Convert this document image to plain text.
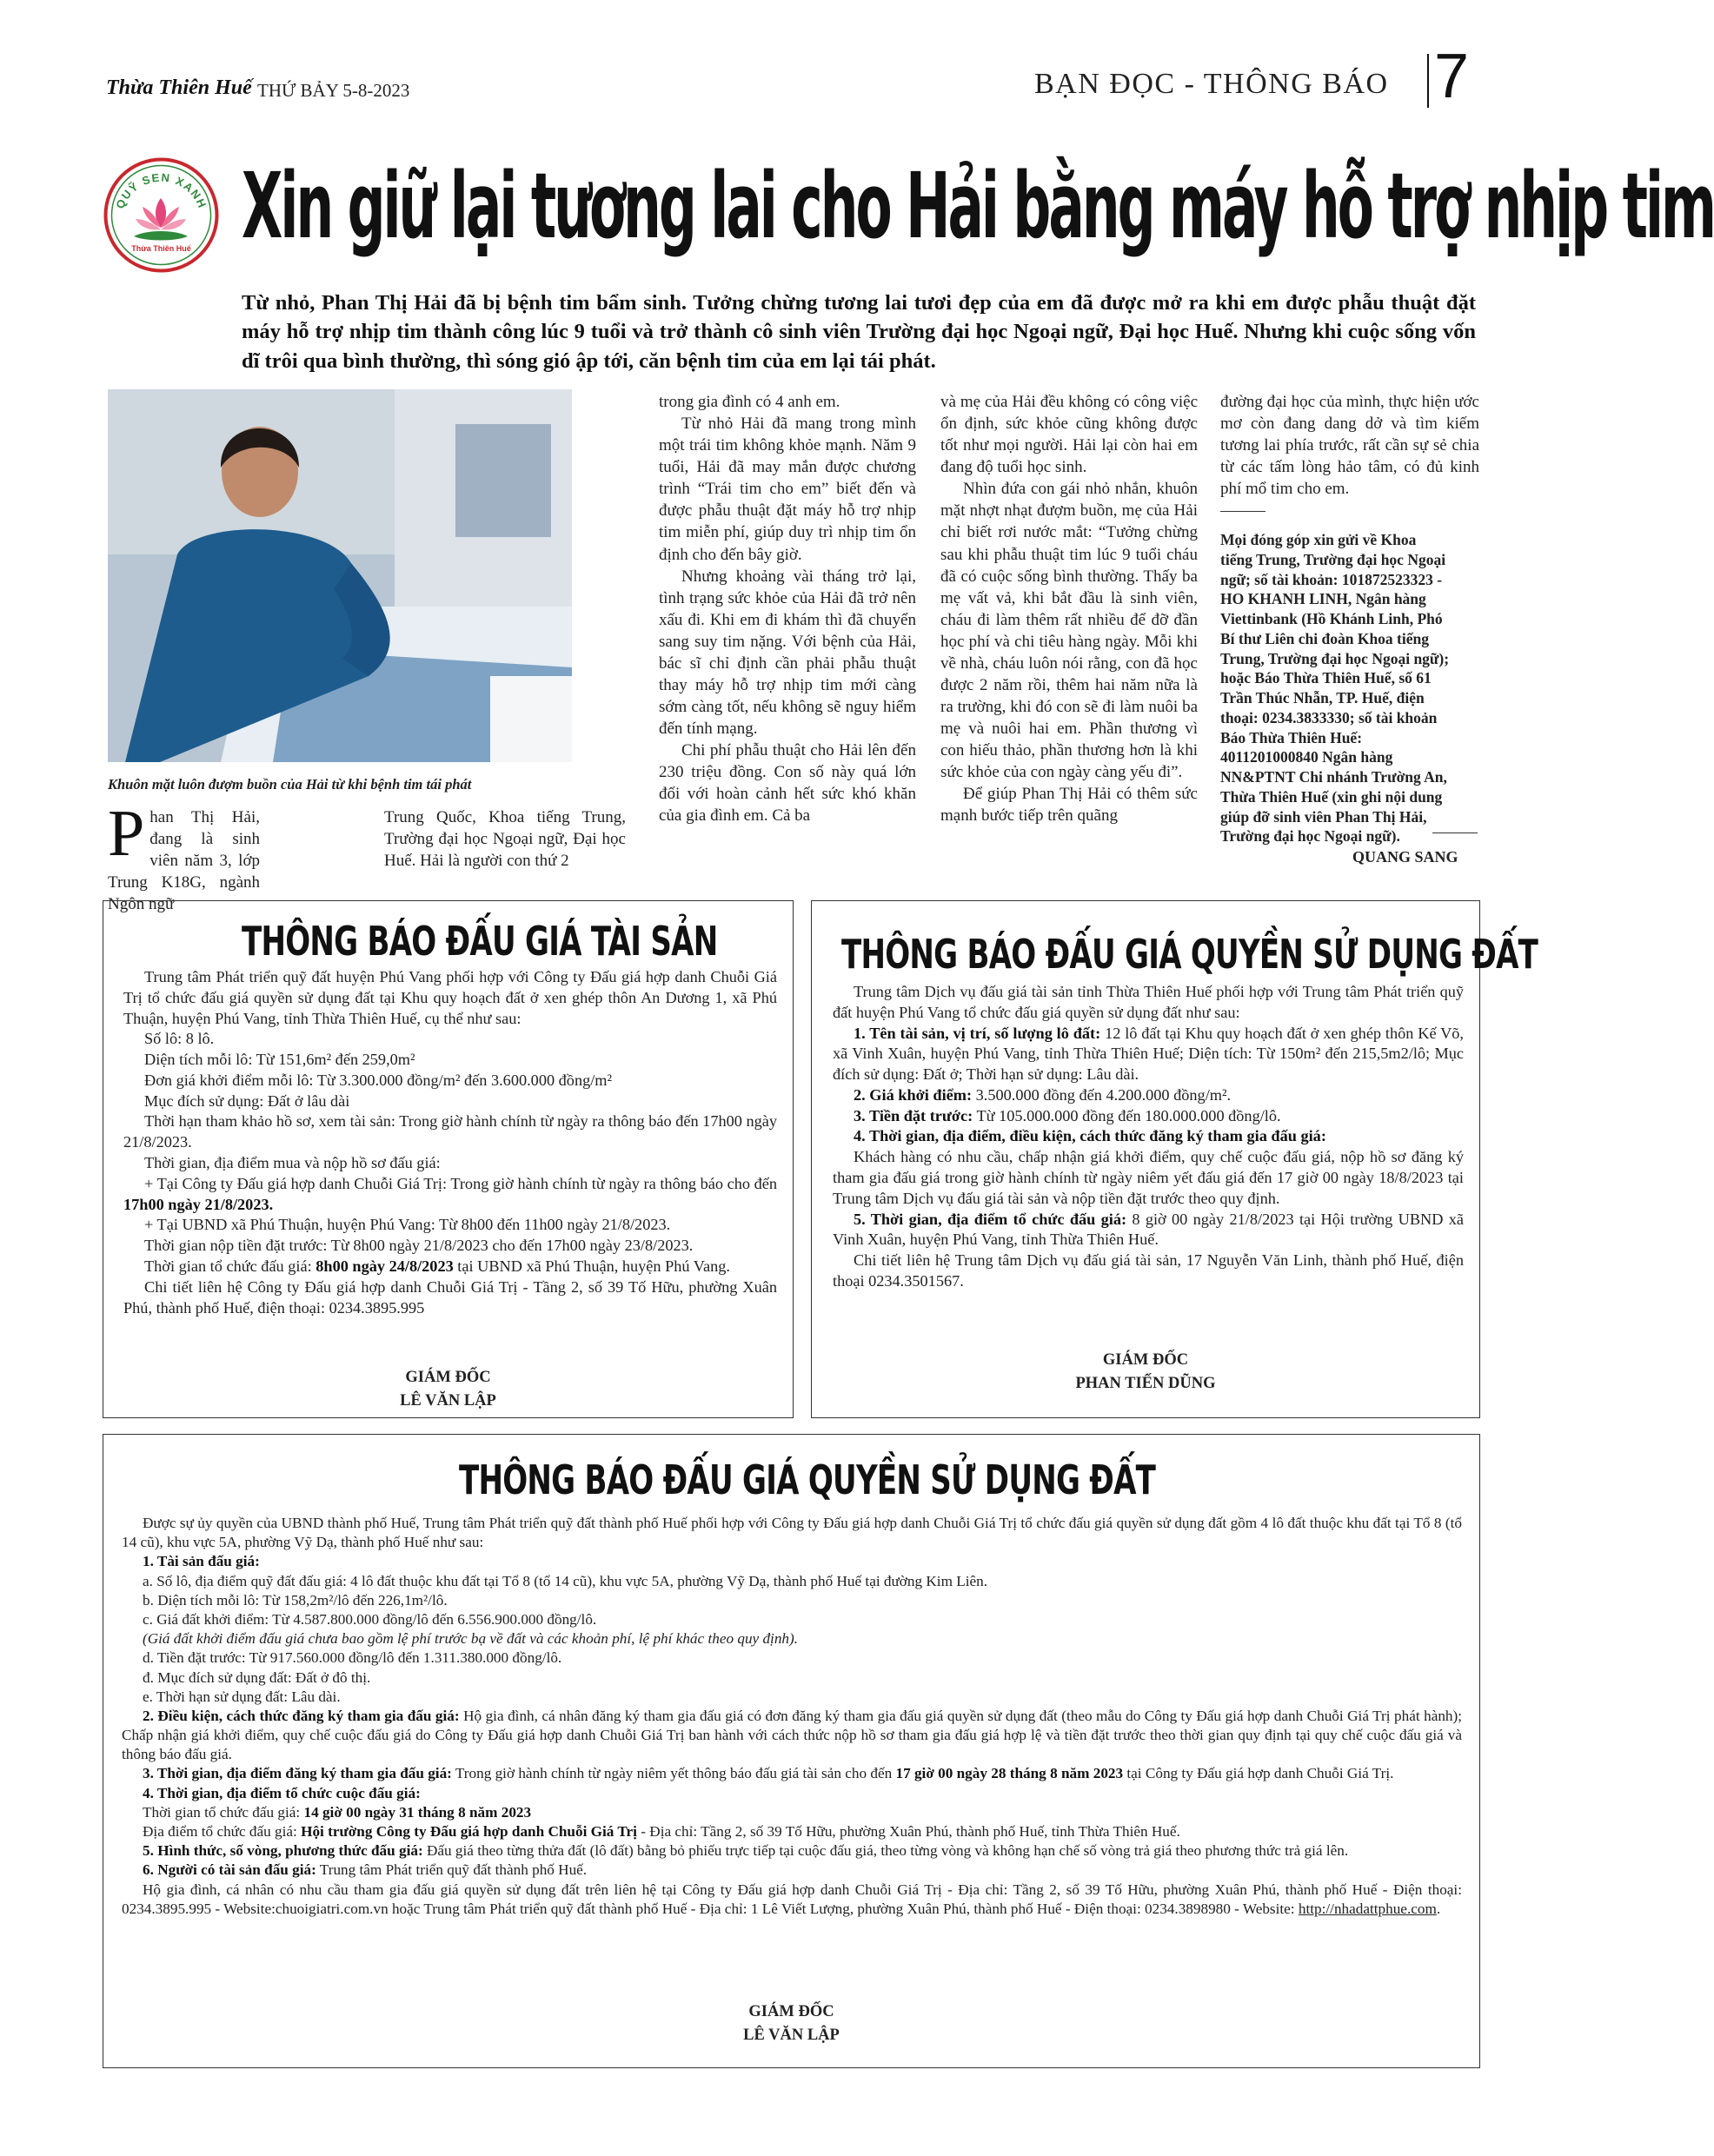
Thừa Thiên Huế THỨ BẢY 5-8-2023	BẠN ĐỌC - THÔNG BÁO 7
QUỸ SEN XANH
Thừa Thiên Huế Xin giữ lại tương lai cho Hải bằng máy hỗ trợ nhịp tim
Từ nhỏ, Phan Thị Hải đã bị bệnh tim bẩm sinh. Tưởng chừng tương lai tươi đẹp của em đã được mở ra khi em được phẫu thuật đặt máy hỗ trợ nhịp tim thành công lúc 9 tuổi và trở thành cô sinh viên Trường đại học Ngoại ngữ, Đại học Huế. Nhưng khi cuộc sống vốn dĩ trôi qua bình thường, thì sóng gió ập tới, căn bệnh tim của em lại tái phát.
Khuôn mặt luôn đượm buồn của Hải từ khi bệnh tim tái phát

Phan Thị Hải, đang là sinh viên năm 3, lớp Trung K18G, ngành Ngôn ngữ

Trung Quốc, Khoa tiếng Trung, Trường đại học Ngoại ngữ, Đại học Huế. Hải là người con thứ 2

trong gia đình có 4 anh em.

Từ nhỏ Hải đã mang trong mình một trái tim không khỏe mạnh. Năm 9 tuổi, Hải đã may mắn được chương trình “Trái tim cho em” biết đến và được phẫu thuật đặt máy hỗ trợ nhịp tim miễn phí, giúp duy trì nhịp tim ổn định cho đến bây giờ.

Nhưng khoảng vài tháng trở lại, tình trạng sức khỏe của Hải đã trở nên xấu đi. Khi em đi khám thì đã chuyển sang suy tim nặng. Với bệnh của Hải, bác sĩ chỉ định cần phải phẫu thuật thay máy hỗ trợ nhịp tim mới càng sớm càng tốt, nếu không sẽ nguy hiểm đến tính mạng.

Chi phí phẫu thuật cho Hải lên đến 230 triệu đồng. Con số này quá lớn đối với hoàn cảnh hết sức khó khăn của gia đình em. Cả ba

và mẹ của Hải đều không có công việc ổn định, sức khỏe cũng không được tốt như mọi người. Hải lại còn hai em đang độ tuổi học sinh.

Nhìn đứa con gái nhỏ nhắn, khuôn mặt nhợt nhạt đượm buồn, mẹ của Hải chỉ biết rơi nước mắt: “Tưởng chừng sau khi phẫu thuật tim lúc 9 tuổi cháu đã có cuộc sống bình thường. Thấy ba mẹ vất vả, khi bắt đầu là sinh viên, cháu đi làm thêm rất nhiều để đỡ đần học phí và chi tiêu hàng ngày. Mỗi khi về nhà, cháu luôn nói rằng, con đã học được 2 năm rồi, thêm hai năm nữa là ra trường, khi đó con sẽ đi làm nuôi ba mẹ và nuôi hai em. Phần thương vì con hiếu thảo, phần thương hơn là khi sức khỏe của con ngày càng yếu đi”.

Để giúp Phan Thị Hải có thêm sức mạnh bước tiếp trên quãng

đường đại học của mình, thực hiện ước mơ còn đang dang dở và tìm kiếm tương lai phía trước, rất cần sự sẻ chia từ các tấm lòng hảo tâm, có đủ kinh phí mổ tim cho em.

Mọi đóng góp xin gửi về Khoa tiếng Trung, Trường đại học Ngoại ngữ; số tài khoản: 101872523323 - HO KHANH LINH, Ngân hàng Viettinbank (Hồ Khánh Linh, Phó Bí thư Liên chi đoàn Khoa tiếng Trung, Trường đại học Ngoại ngữ); hoặc Báo Thừa Thiên Huế, số 61 Trần Thúc Nhẫn, TP. Huế, điện thoại: 0234.3833330; số tài khoản Báo Thừa Thiên Huế: 4011201000840 Ngân hàng NN&PTNT Chi nhánh Trường An, Thừa Thiên Huế (xin ghi nội dung giúp đỡ sinh viên Phan Thị Hải, Trường đại học Ngoại ngữ).
QUANG SANG
THÔNG BÁO ĐẤU GIÁ TÀI SẢN
Trung tâm Phát triển quỹ đất huyện Phú Vang phối hợp với Công ty Đấu giá hợp danh Chuỗi Giá Trị tổ chức đấu giá quyền sử dụng đất tại Khu quy hoạch đất ở xen ghép thôn An Dương 1, xã Phú Thuận, huyện Phú Vang, tỉnh Thừa Thiên Huế, cụ thể như sau:
Số lô: 8 lô.
Diện tích mỗi lô: Từ 151,6m² đến 259,0m²
Đơn giá khởi điểm mỗi lô: Từ 3.300.000 đồng/m² đến 3.600.000 đồng/m²
Mục đích sử dụng: Đất ở lâu dài
Thời hạn tham khảo hồ sơ, xem tài sản: Trong giờ hành chính từ ngày ra thông báo đến 17h00 ngày 21/8/2023.
Thời gian, địa điểm mua và nộp hồ sơ đấu giá:
+ Tại Công ty Đấu giá hợp danh Chuỗi Giá Trị: Trong giờ hành chính từ ngày ra thông báo cho đến 17h00 ngày 21/8/2023.
+ Tại UBND xã Phú Thuận, huyện Phú Vang: Từ 8h00 đến 11h00 ngày 21/8/2023.
Thời gian nộp tiền đặt trước: Từ 8h00 ngày 21/8/2023 cho đến 17h00 ngày 23/8/2023.
Thời gian tổ chức đấu giá: 8h00 ngày 24/8/2023 tại UBND xã Phú Thuận, huyện Phú Vang.
Chi tiết liên hệ Công ty Đấu giá hợp danh Chuỗi Giá Trị - Tầng 2, số 39 Tố Hữu, phường Xuân Phú, thành phố Huế, điện thoại: 0234.3895.995
GIÁM ĐỐC
LÊ VĂN LẬP
THÔNG BÁO ĐẤU GIÁ QUYỀN SỬ DỤNG ĐẤT
Trung tâm Dịch vụ đấu giá tài sản tỉnh Thừa Thiên Huế phối hợp với Trung tâm Phát triển quỹ đất huyện Phú Vang tổ chức đấu giá quyền sử dụng đất như sau:
1. Tên tài sản, vị trí, số lượng lô đất: 12 lô đất tại Khu quy hoạch đất ở xen ghép thôn Kế Võ, xã Vinh Xuân, huyện Phú Vang, tỉnh Thừa Thiên Huế; Diện tích: Từ 150m² đến 215,5m2/lô; Mục đích sử dụng: Đất ở; Thời hạn sử dụng: Lâu dài.
2. Giá khởi điểm: 3.500.000 đồng đến 4.200.000 đồng/m².
3. Tiền đặt trước: Từ 105.000.000 đồng đến 180.000.000 đồng/lô.
4. Thời gian, địa điểm, điều kiện, cách thức đăng ký tham gia đấu giá:
Khách hàng có nhu cầu, chấp nhận giá khởi điểm, quy chế cuộc đấu giá, nộp hồ sơ đăng ký tham gia đấu giá trong giờ hành chính từ ngày niêm yết đấu giá đến 17 giờ 00 ngày 18/8/2023 tại Trung tâm Dịch vụ đấu giá tài sản và nộp tiền đặt trước theo quy định.
5. Thời gian, địa điểm tổ chức đấu giá: 8 giờ 00 ngày 21/8/2023 tại Hội trường UBND xã Vinh Xuân, huyện Phú Vang, tỉnh Thừa Thiên Huế.
Chi tiết liên hệ Trung tâm Dịch vụ đấu giá tài sản, 17 Nguyễn Văn Linh, thành phố Huế, điện thoại 0234.3501567.
GIÁM ĐỐC
PHAN TIẾN DŨNG
THÔNG BÁO ĐẤU GIÁ QUYỀN SỬ DỤNG ĐẤT
Được sự ủy quyền của UBND thành phố Huế, Trung tâm Phát triển quỹ đất thành phố Huế phối hợp với Công ty Đấu giá hợp danh Chuỗi Giá Trị tổ chức đấu giá quyền sử dụng đất gồm 4 lô đất thuộc khu đất tại Tổ 8 (tổ 14 cũ), khu vực 5A, phường Vỹ Dạ, thành phố Huế như sau:
1. Tài sản đấu giá:
a. Số lô, địa điểm quỹ đất đấu giá: 4 lô đất thuộc khu đất tại Tổ 8 (tổ 14 cũ), khu vực 5A, phường Vỹ Dạ, thành phố Huế tại đường Kim Liên.
b. Diện tích mỗi lô: Từ 158,2m²/lô đến 226,1m²/lô.
c. Giá đất khởi điểm: Từ 4.587.800.000 đồng/lô đến 6.556.900.000 đồng/lô.
(Giá đất khởi điểm đấu giá chưa bao gồm lệ phí trước bạ về đất và các khoản phí, lệ phí khác theo quy định).
d. Tiền đặt trước: Từ 917.560.000 đồng/lô đến 1.311.380.000 đồng/lô.
đ. Mục đích sử dụng đất: Đất ở đô thị.
e. Thời hạn sử dụng đất: Lâu dài.
2. Điều kiện, cách thức đăng ký tham gia đấu giá: Hộ gia đình, cá nhân đăng ký tham gia đấu giá có đơn đăng ký tham gia đấu giá quyền sử dụng đất (theo mẫu do Công ty Đấu giá hợp danh Chuỗi Giá Trị phát hành); Chấp nhận giá khởi điểm, quy chế cuộc đấu giá do Công ty Đấu giá hợp danh Chuỗi Giá Trị ban hành với cách thức nộp hồ sơ tham gia đấu giá hợp lệ và tiền đặt trước theo thời gian quy định tại quy chế cuộc đấu giá và thông báo đấu giá.
3. Thời gian, địa điểm đăng ký tham gia đấu giá: Trong giờ hành chính từ ngày niêm yết thông báo đấu giá tài sản cho đến 17 giờ 00 ngày 28 tháng 8 năm 2023 tại Công ty Đấu giá hợp danh Chuỗi Giá Trị.
4. Thời gian, địa điểm tổ chức cuộc đấu giá:
Thời gian tổ chức đấu giá: 14 giờ 00 ngày 31 tháng 8 năm 2023
Địa điểm tổ chức đấu giá: Hội trường Công ty Đấu giá hợp danh Chuỗi Giá Trị - Địa chỉ: Tầng 2, số 39 Tố Hữu, phường Xuân Phú, thành phố Huế, tỉnh Thừa Thiên Huế.
5. Hình thức, số vòng, phương thức đấu giá: Đấu giá theo từng thửa đất (lô đất) bằng bỏ phiếu trực tiếp tại cuộc đấu giá, theo từng vòng và không hạn chế số vòng trả giá theo phương thức trả giá lên.
6. Người có tài sản đấu giá: Trung tâm Phát triển quỹ đất thành phố Huế.
Hộ gia đình, cá nhân có nhu cầu tham gia đấu giá quyền sử dụng đất trên liên hệ tại Công ty Đấu giá hợp danh Chuỗi Giá Trị - Địa chỉ: Tầng 2, số 39 Tố Hữu, phường Xuân Phú, thành phố Huế - Điện thoại: 0234.3895.995 - Website:chuoigiatri.com.vn hoặc Trung tâm Phát triển quỹ đất thành phố Huế - Địa chỉ: 1 Lê Viết Lượng, phường Xuân Phú, thành phố Huế - Điện thoại: 0234.3898980 - Website: http://nhadattphue.com.
GIÁM ĐỐC
LÊ VĂN LẬP
